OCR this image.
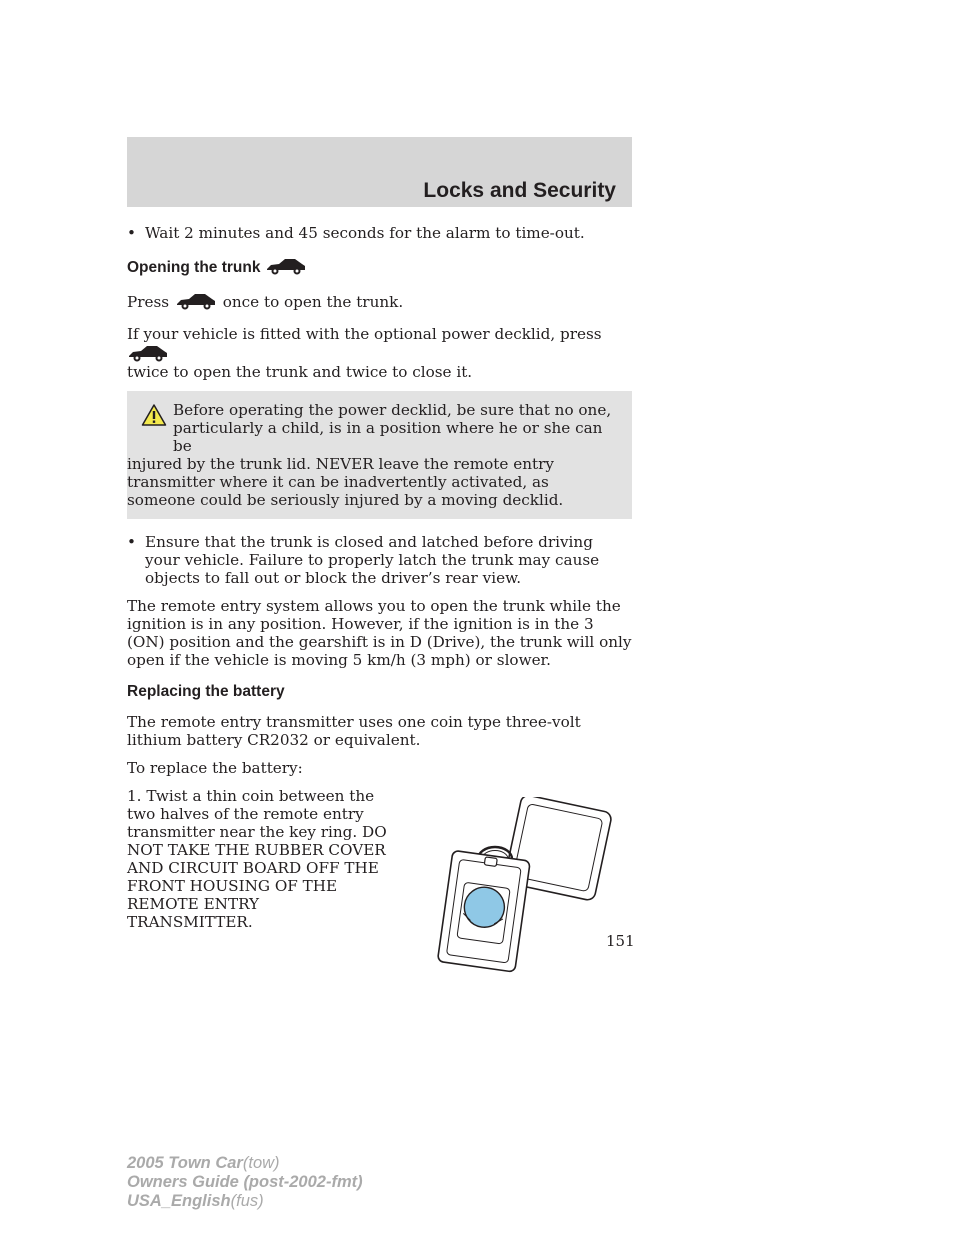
Locks and Security

• Wait 2 minutes and 45 seconds for the alarm to time-out.

Opening the trunk

Press	once to open the trunk.

If your vehicle is fitted with the optional power decklid, press
twice to open the trunk and twice to close it.

Before operating the power decklid, be sure that no one,

particularly a child, is in a position where he or she can be

injured by the trunk lid. NEVER leave the remote entry transmitter where it can be inadvertently activated, as someone could be seriously injured by a moving decklid.

• Ensure that the trunk is closed and latched before driving your vehicle. Failure to properly latch the trunk may cause objects to fall out or block the driver’s rear view.

The remote entry system allows you to open the trunk while the ignition is in any position. However, if the ignition is in the 3 (ON) position and the gearshift is in D (Drive), the trunk will only open if the vehicle is moving 5 km/h (3 mph) or slower.

Replacing the battery

The remote entry transmitter uses one coin type three-volt lithium battery CR2032 or equivalent.

To replace the battery:

1. Twist a thin coin between the two halves of the remote entry transmitter near the key ring. DO NOT TAKE THE RUBBER COVER AND CIRCUIT BOARD OFF THE FRONT HOUSING OF THE REMOTE ENTRY TRANSMITTER.

151
2005 Town Car(tow)
Owners Guide (post-2002-fmt)
USA_English(fus)
